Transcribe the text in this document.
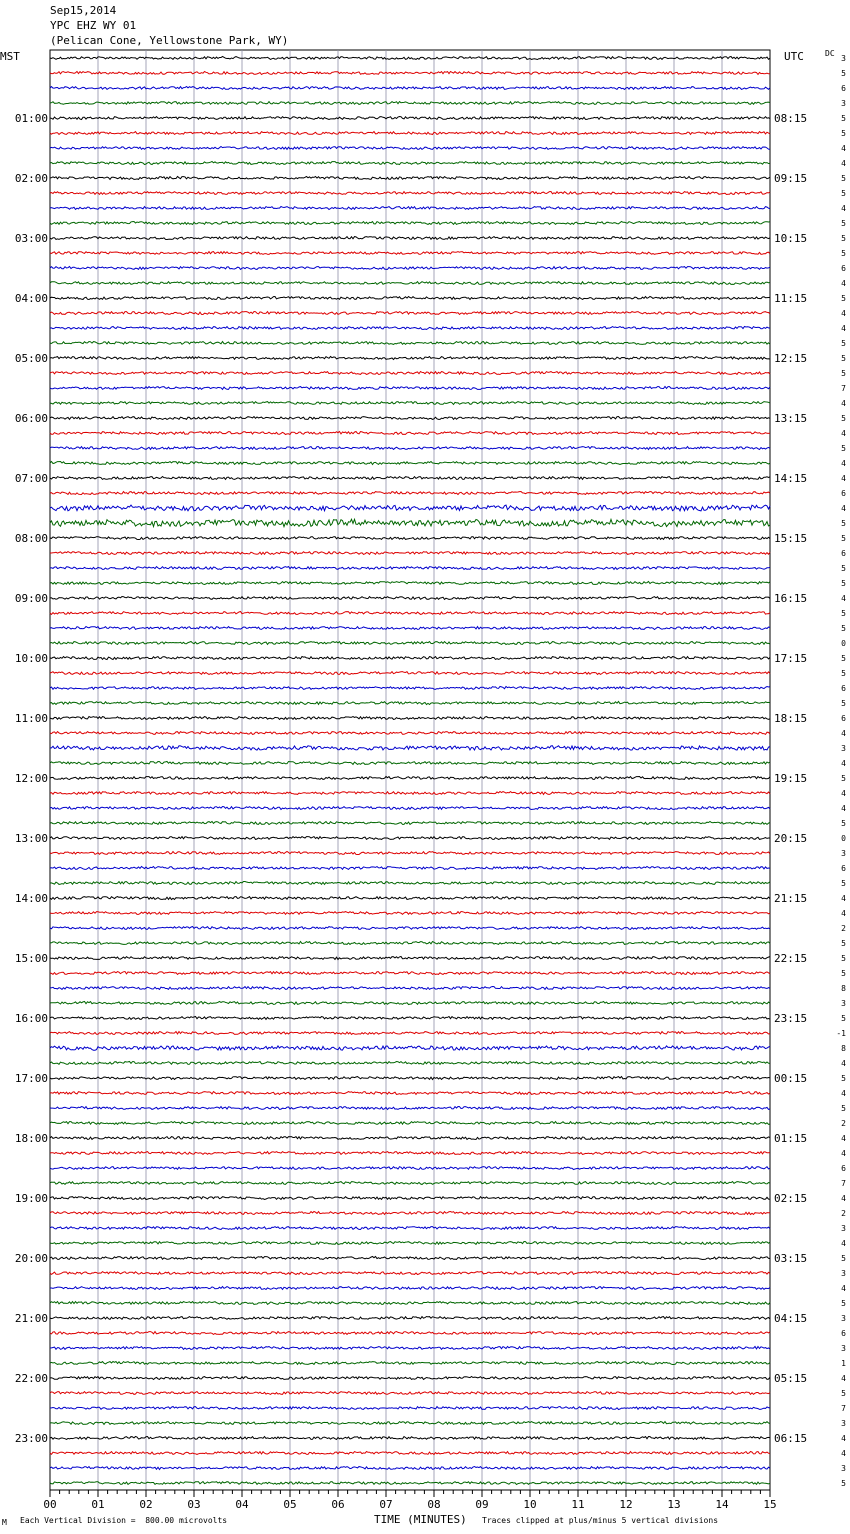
01:00	08:15
02:00	09:15
03:00	10:15
04:00	11:15
05:00	12:15
06:00	13:15
07:00	14:15
08:00	15:15
09:00	16:15
10:00	17:15
11:00	18:15
12:00	19:15
13:00	20:15
14:00	21:15
15:00	22:15
16:00	23:15
17:00	00:15
18:00	01:15
19:00	02:15
20:00	03:15
21:00	04:15
22:00	05:15
23:00	06:15
3
5
6
3
5
5
4
4
5
5
4
5
5
5
6
4
5
4
4
5
5
5
7
4
5
4
5
4
4
6
4
5
5
6
5
5
4
5
5
0
5
5
6
5
6
4
3
4
5
4
4
5
0
3
6
5
4
4
2
5
5
5
8
3
5
-1
8
4
5
4
5
2
4
4
6
7
4
2
3
4
5
3
4
5
3
6
3
1
4
5
7
3
4
4
3
5
00	01	02	03	04	05	06	07	08	09	10	11	12	13	14	15
Sep15,2014
YPC EHZ WY 01
(Pelican Cone, Yellowstone Park, WY)
MST	UTC	DC
M Each Vertical Division =  800.00 microvolts	TIME (MINUTES) Traces clipped at plus/minus 5 vertical divisions
